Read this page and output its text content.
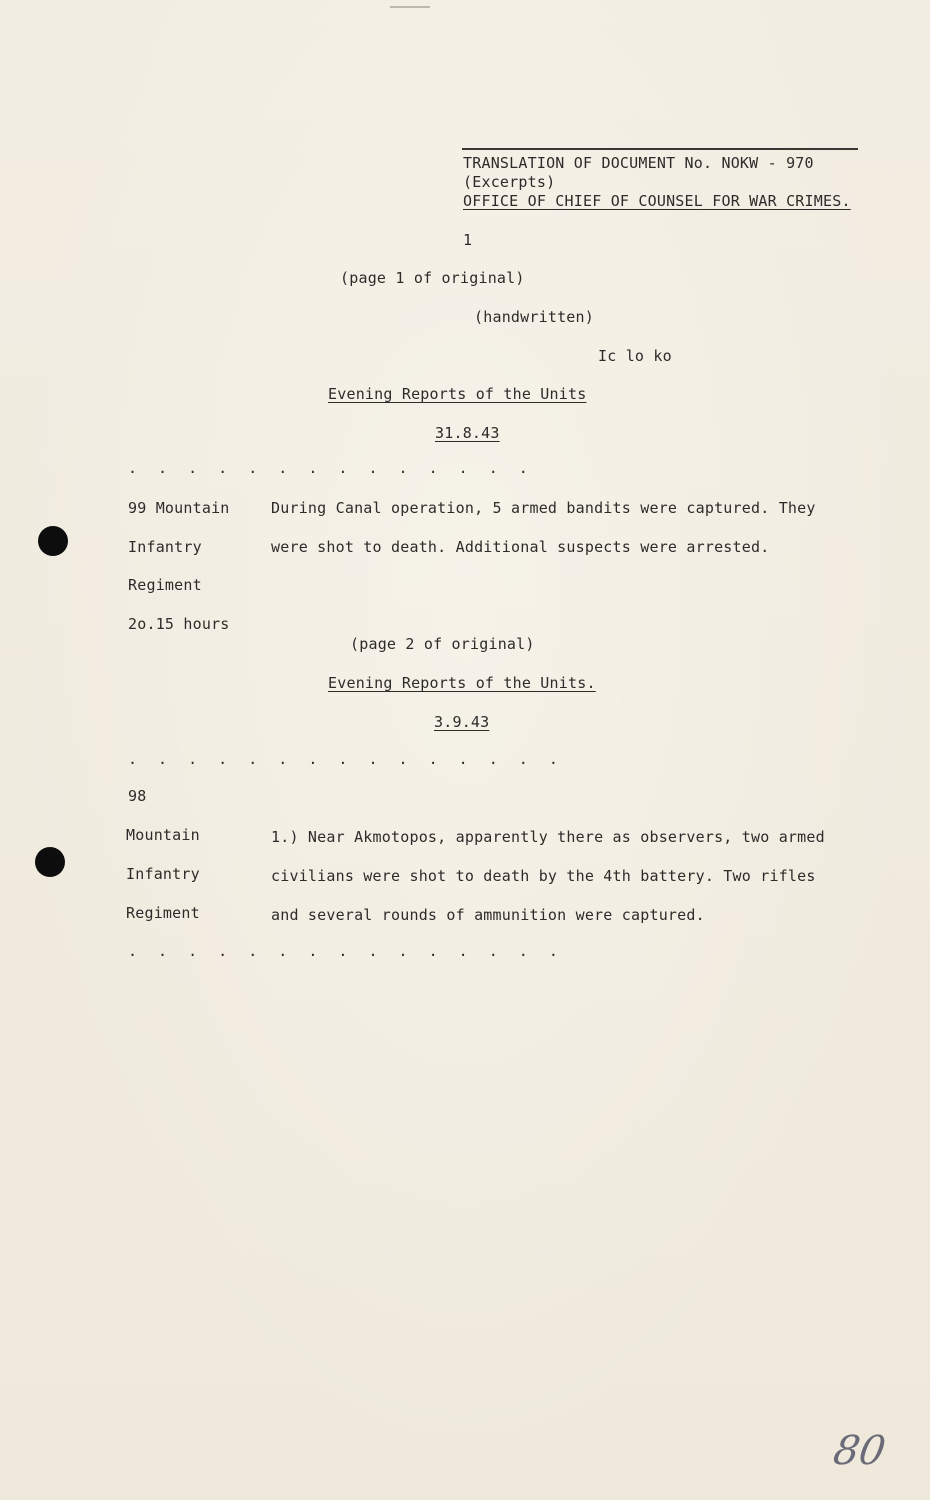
TRANSLATION OF DOCUMENT No. NOKW - 970
(Excerpts)
OFFICE OF CHIEF OF COUNSEL FOR WAR CRIMES.
1
(page 1 of original)
(handwritten)
Ic lo ko
Evening Reports of the Units
31.8.43
. . . . . . . . . . . . . .
99 Mountain
Infantry
Regiment
2o.15 hours
During Canal operation, 5 armed bandits were captured. They
were shot to death. Additional suspects were arrested.
(page 2 of original)
Evening Reports of the Units.
3.9.43
. . . . . . . . . . . . . . .
98
Mountain
Infantry
Regiment
1.) Near Akmotopos, apparently there as observers, two armed
civilians were shot to death by the 4th battery. Two rifles
and several rounds of ammunition were captured.
. . . . . . . . . . . . . . .
80
